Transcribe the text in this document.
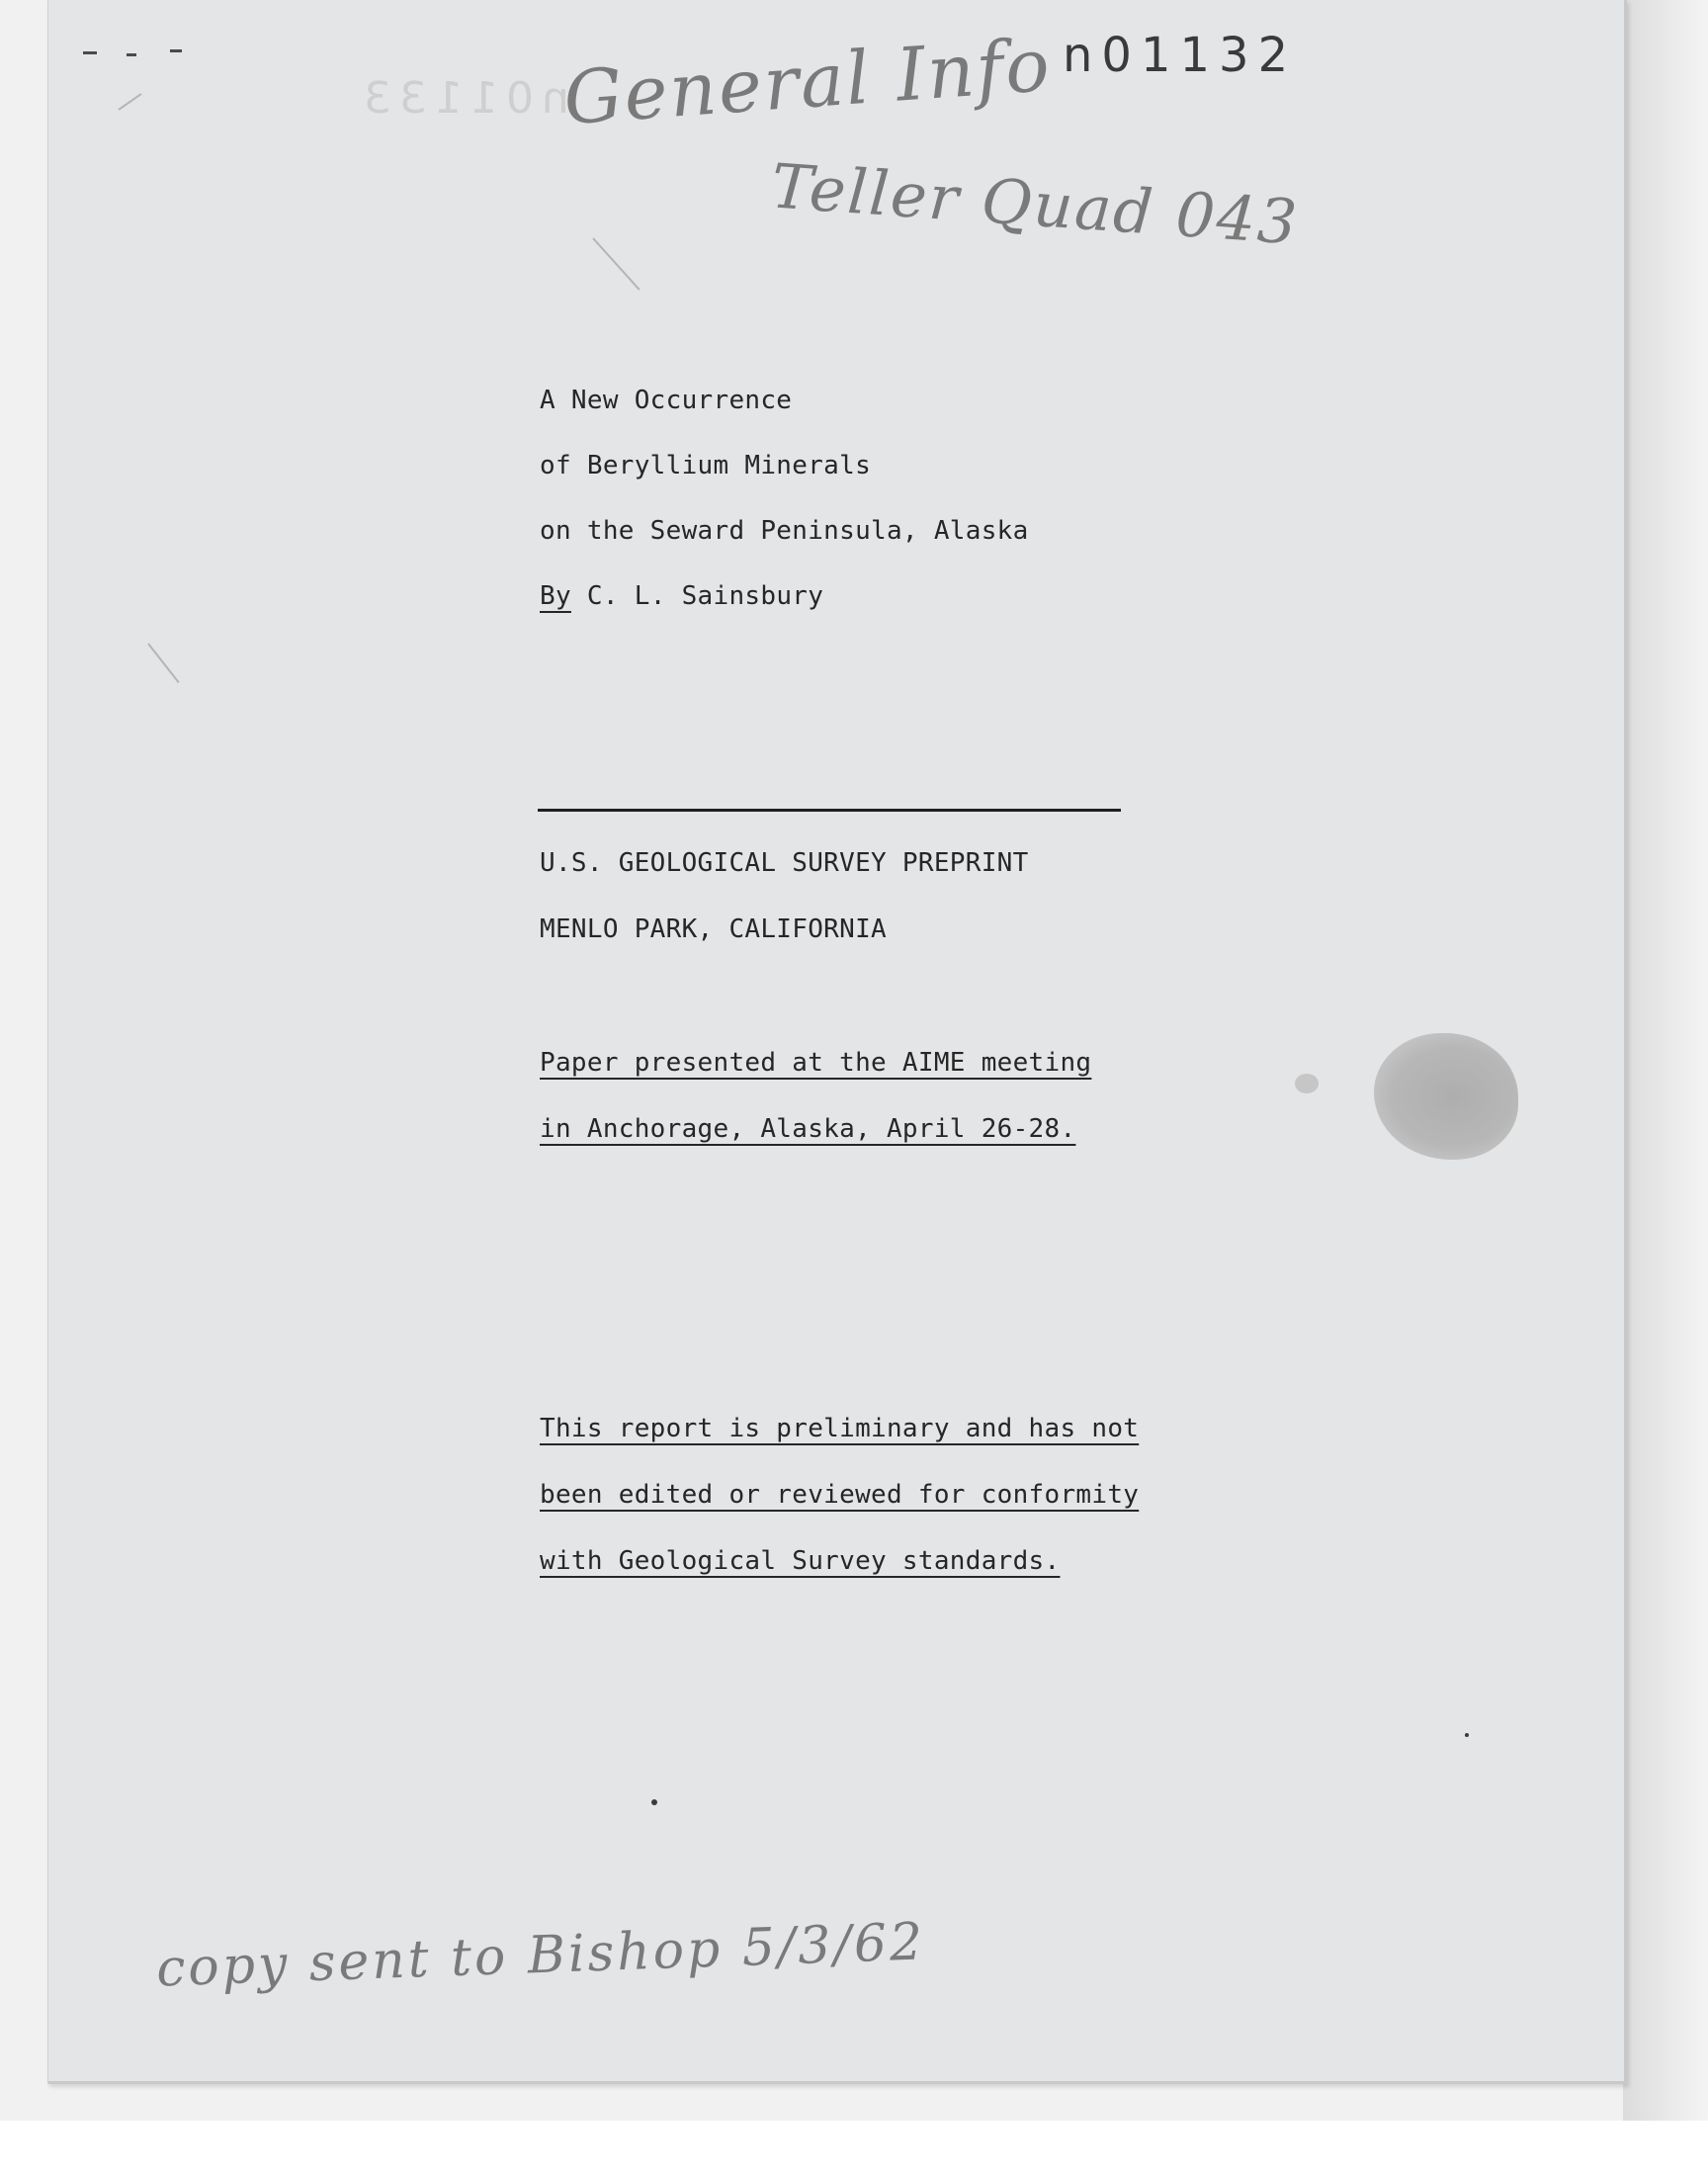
n01133
n01132
General Info
Teller Quad 043
A New Occurrence
of Beryllium Minerals
on the Seward Peninsula, Alaska
By C. L. Sainsbury
U.S. GEOLOGICAL SURVEY PREPRINT
MENLO PARK, CALIFORNIA
Paper presented at the AIME meeting
in Anchorage, Alaska, April 26-28.
This report is preliminary and has not
been edited or reviewed for conformity
with Geological Survey standards.
copy sent to Bishop 5/3/62
